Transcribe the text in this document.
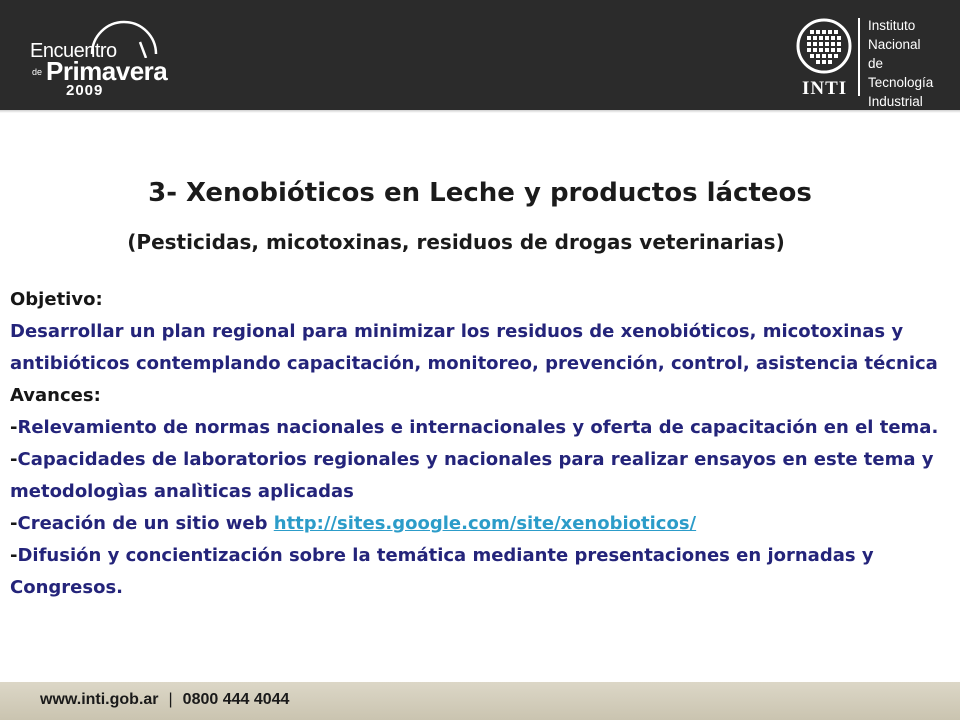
Encuentro
de Primavera
2009	INTI
Instituto
Nacional
de Tecnología
Industrial
3- Xenobióticos en Leche y productos lácteos
(Pesticidas, micotoxinas, residuos de drogas veterinarias)
Objetivo:
Desarrollar un plan regional para minimizar los residuos de xenobióticos, micotoxinas y antibióticos contemplando capacitación, monitoreo, prevención, control, asistencia técnica
Avances:
-Relevamiento de normas nacionales e internacionales y oferta de capacitación en el tema.
-Capacidades de laboratorios regionales y nacionales para realizar ensayos en este tema y metodologìas analìticas aplicadas
-Creación de un sitio web http://sites.google.com/site/xenobioticos/
-Difusión y concientización sobre la temática mediante presentaciones en jornadas y Congresos.
www.inti.gob.ar | 0800 444 4044
